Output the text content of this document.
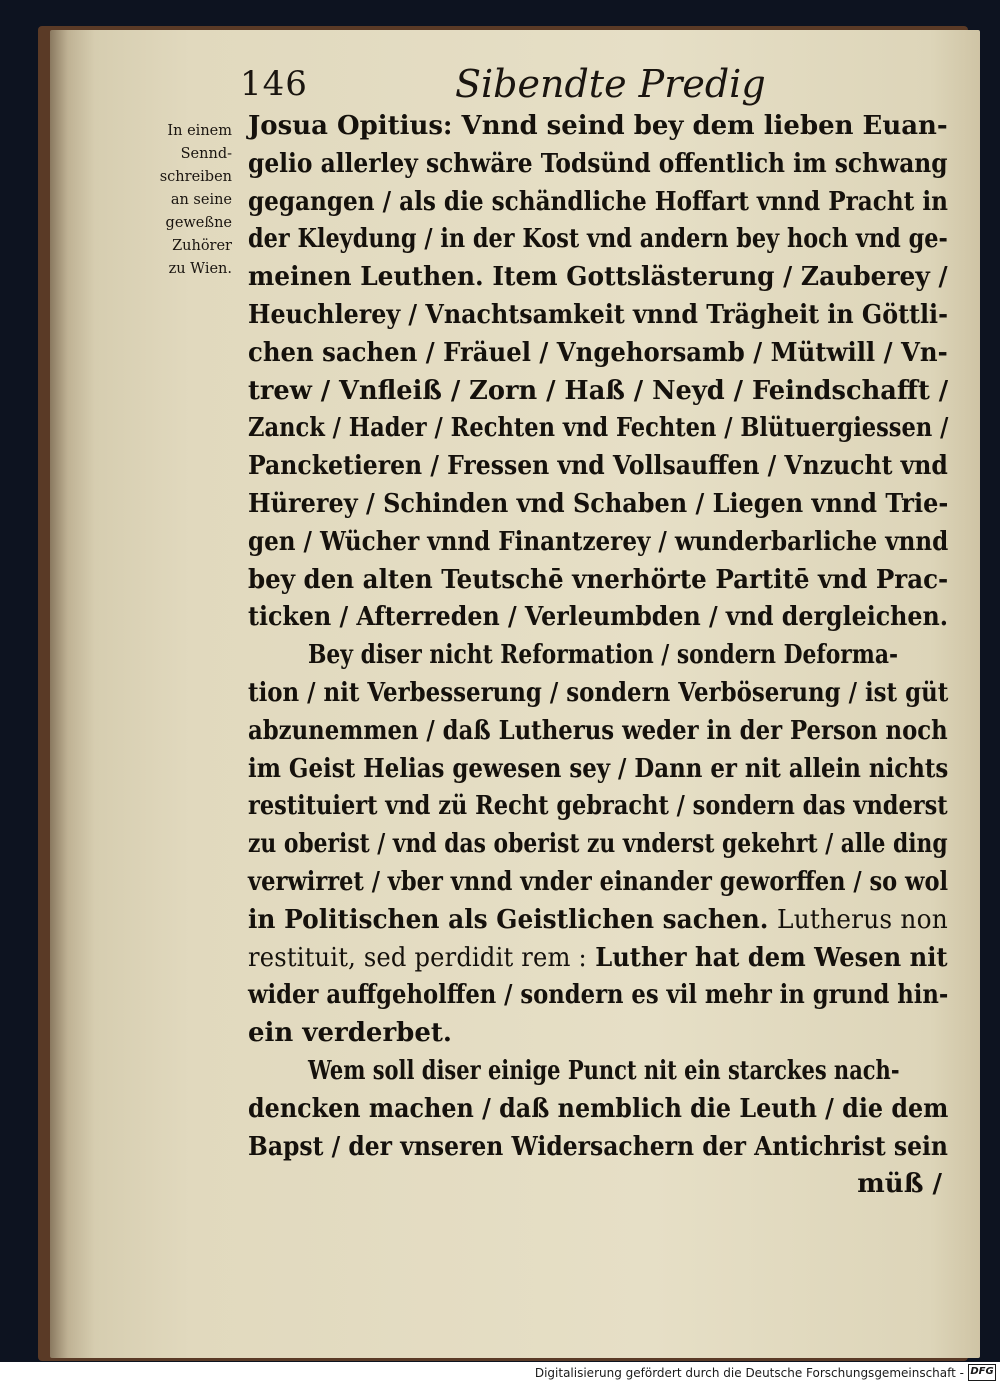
146	Sibendte Predig
In einem
Sennd-
schreiben
an seine
geweßne
Zuhörer
zu Wien.
Josua Opitius: Vnnd seind bey dem lieben Euan-
gelio allerley schwäre Todsünd offentlich im schwang
gegangen / als die schändliche Hoffart vnnd Pracht in
der Kleydung / in der Kost vnd andern bey hoch vnd ge-
meinen Leuthen. Item Gottslästerung / Zauberey /
Heuchlerey / Vnachtsamkeit vnnd Trägheit in Göttli-
chen sachen / Fräuel / Vngehorsamb / Mütwill / Vn-
trew / Vnfleiß / Zorn / Haß / Neyd / Feindschafft /
Zanck / Hader / Rechten vnd Fechten / Blütuergiessen /
Pancketieren / Fressen vnd Vollsauffen / Vnzucht vnd
Hürerey / Schinden vnd Schaben / Liegen vnnd Trie-
gen / Wücher vnnd Finantzerey / wunderbarliche vnnd
bey den alten Teutschē vnerhörte Partitē vnd Prac-
ticken / Afterreden / Verleumbden / vnd dergleichen.
Bey diser nicht Reformation / sondern Deforma-
tion / nit Verbesserung / sondern Verböserung / ist güt
abzunemmen / daß Lutherus weder in der Person noch
im Geist Helias gewesen sey / Dann er nit allein nichts
restituiert vnd zü Recht gebracht / sondern das vnderst
zu oberist / vnd das oberist zu vnderst gekehrt / alle ding
verwirret / vber vnnd vnder einander geworffen / so wol
in Politischen als Geistlichen sachen. Lutherus non
restituit, sed perdidit rem : Luther hat dem Wesen nit
wider auffgeholffen / sondern es vil mehr in grund hin-
ein verderbet.
Wem soll diser einige Punct nit ein starckes nach-
dencken machen / daß nemblich die Leuth / die dem
Bapst / der vnseren Widersachern der Antichrist sein
müß /
Digitalisierung gefördert durch die Deutsche Forschungsgemeinschaft - DFG
